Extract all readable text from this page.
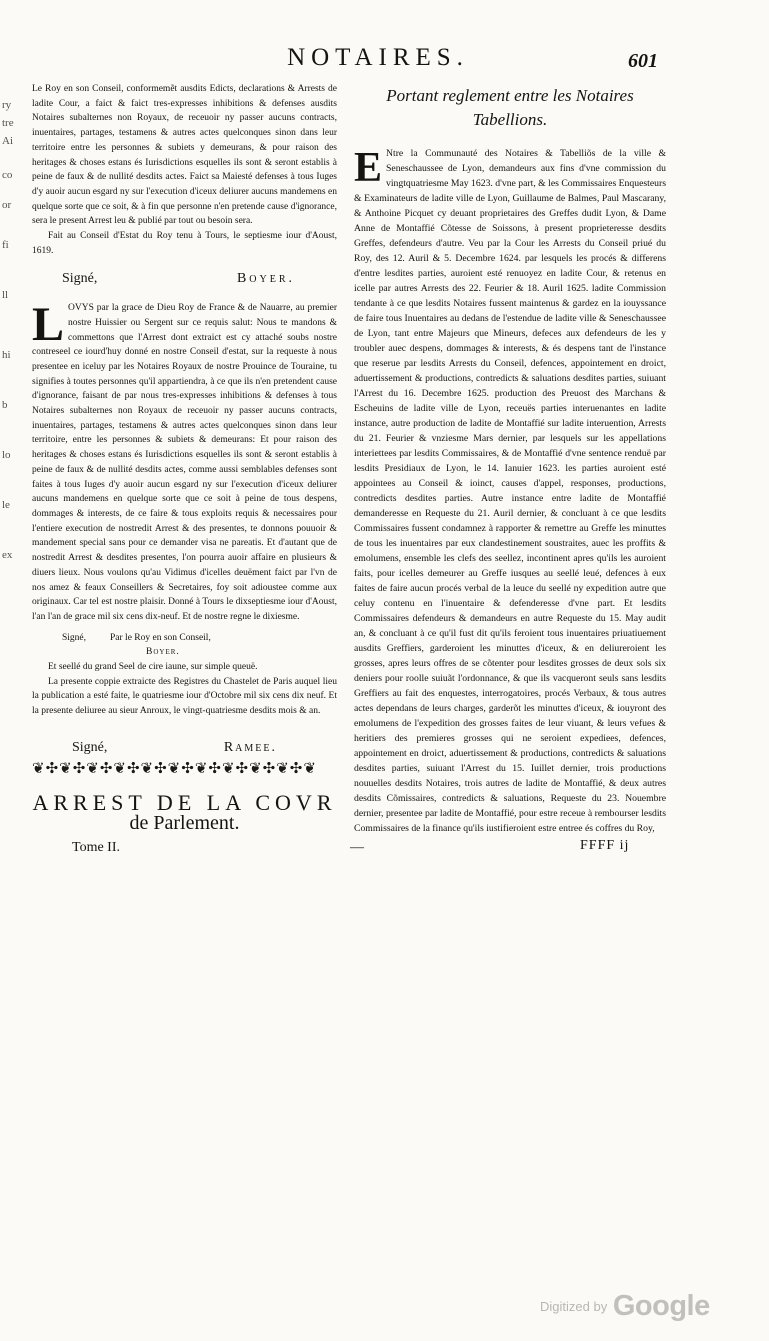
ry
tre
Ai
co
or
fi
ll
hi
b
lo
le
ex
NOTAIRES.	601

Le Roy en son Conseil, conformemẽt ausdits Edicts, declarations & Arrests de ladite Cour, a faict & faict tres-expresses inhibitions & defenses ausdits Notaires subalternes non Royaux, de receuoir ny passer aucuns contracts, inuentaires, partages, testamens & autres actes quelconques sinon dans leur territoire entre les personnes & subiets y demeurans, & pour raison des heritages & choses estans és Iurisdictions esquelles ils sont & seront establis à peine de faux & de nullité desdits actes. Faict sa Maiesté defenses à tous Iuges d'y auoir aucun esgard ny sur l'execution d'iceux deliurer aucuns mandemens en quelque sorte que ce soit, & à fin que personne n'en pretende cause d'ignorance, sera le present Arrest leu & publié par tout ou besoin sera.

Fait au Conseil d'Estat du Roy tenu à Tours, le septiesme iour d'Aoust, 1619.

Signé,	Boyer.

LOVYS par la grace de Dieu Roy de France & de Nauarre, au premier nostre Huissier ou Sergent sur ce requis salut: Nous te mandons & commettons que l'Arrest dont extraict est cy attaché soubs nostre contreseel ce iourd'huy donné en nostre Conseil d'estat, sur la requeste à nous presentee en iceluy par les Notaires Royaux de nostre Prouince de Touraine, tu signifies à toutes personnes qu'il appartiendra, à ce que ils n'en pretendent cause d'ignorance, faisant de par nous tres-expresses inhibitions & defenses à tous Notaires subalternes non Royaux de receuoir ny passer aucuns contracts, inuentaires, partages, testamens & autres actes quelconques sinon dans leur territoire, entre les personnes & subiets & demeurans: Et pour raison des heritages & choses estans és Iurisdictions esquelles ils sont & seront establis à peine de faux & de nullité desdits actes, comme aussi semblables defenses sont faites à tous Iuges d'y auoir aucun esgard ny sur l'execution d'iceux deliurer aucuns mandemens en quelque sorte que ce soit à peine de tous despens, dommages & interests, de ce faire & tous exploits requis & necessaires pour l'entiere execution de nostredit Arrest & des presentes, te donnons pouuoir & mandement special sans pour ce demander visa ne pareatis. Et d'autant que de nostredit Arrest & desdites presentes, l'on pourra auoir affaire en plusieurs & diuers lieux. Nous voulons qu'au Vidimus d'icelles deuëment faict par l'vn de nos amez & feaux Conseillers & Secretaires, foy soit adioustee comme aux originaux. Car tel est nostre plaisir. Donné à Tours le dixseptiesme iour d'Aoust, l'an l'an de grace mil six cens dix-neuf. Et de nostre regne le dixiesme.

Signé,	Par le Roy en son Conseil,
Boyer.

Et seellé du grand Seel de cire iaune, sur simple queuë.

La presente coppie extraicte des Registres du Chastelet de Paris auquel lieu la publication a esté faite, le quatriesme iour d'Octobre mil six cens dix neuf. Et la presente deliuree au sieur Anroux, le vingt-quatriesme desdits mois & an.

Signé,	Ramee.
❦✣❦✣❦✣❦✣❦✣❦✣❦✣❦✣❦✣❦✣❦
ARREST DE LA COVR
de Parlement.
Portant reglement entre les Notaires Tabellions.

E Ntre la Communauté des Notaires & Tabelliõs de la ville & Seneschaussee de Lyon, demandeurs aux fins d'vne commission du vingtquatriesme May 1623. d'vne part, & les Commissaires Enquesteurs & Examinateurs de ladite ville de Lyon, Guillaume de Balmes, Paul Mascarany, & Anthoine Picquet cy deuant proprietaires des Greffes dudit Lyon, & Dame Anne de Montaffié Cõtesse de Soissons, à present proprieteresse desdits Greffes, defendeurs d'autre. Veu par la Cour les Arrests du Conseil priué du Roy, des 12. Auril & 5. Decembre 1624. par lesquels les procés & differens d'entre lesdites parties, auroient esté renuoyez en ladite Cour, & retenus en icelle par autres Arrests des 22. Feurier & 18. Auril 1625. ladite Commission tendante à ce que lesdits Notaires fussent maintenus & gardez en la iouyssance de faire tous Inuentaires au dedans de l'estendue de ladite ville & Seneschaussee de Lyon, tant entre Majeurs que Mineurs, defeces aux defendeurs de les y troubler auec despens, dommages & interests, & és despens tant de l'instance que reserue par lesdits Arrests du Conseil, defences, appointement en droict, aduertissement & productions, contredicts & saluations desdites parties, suiuant l'Arrest du 16. Decembre 1625. production des Preuost des Marchans & Escheuins de ladite ville de Lyon, receuës parties interuenantes en ladite instance, autre production de ladite de Montaffié sur ladite interuention, Arrests du 21. Feurier & vnziesme Mars dernier, par lesquels sur les appellations interiettees par lesdits Commissaires, & de Montaffié d'vne sentence renduë par lesdits Presidiaux de Lyon, le 14. Ianuier 1623. les parties auroient esté appointees au Conseil & ioinct, causes d'appel, responses, productions, contredicts desdites parties. Autre instance entre ladite de Montaffié demanderesse en Requeste du 21. Auril dernier, & concluant à ce que lesdits Commissaires fussent condamnez à rapporter & remettre au Greffe les minuttes de tous les inuentaires par eux clandestinement soustraites, auec les proffits & emolumens, ensemble les clefs des seellez, incontinent apres qu'ils les auroient faits, pour icelles demeurer au Greffe iusques au seellé leué, defences à eux faites de faire aucun procés verbal de la leuce du seellé ny expedition autre que celuy contenu en l'inuentaire & defenderesse d'vne part. Et lesdits Commissaires defendeurs & demandeurs en autre Requeste du 15. May audit an, & concluant à ce qu'il fust dit qu'ils feroient tous inuentaires priuatiuement ausdits Greffiers, garderoient les minuttes d'iceux, & en deliureroient les grosses, apres leurs offres de se cõtenter pour lesdites grosses de deux sols six deniers pour roolle suiuãt l'ordonnance, & que ils vacqueront seuls sans lesdits Greffiers au fait des enquestes, interrogatoires, procés Verbaux, & tous autres actes dependans de leurs charges, garderõt les minuttes d'iceux, & iouyront des emolumens de l'expedition des grosses faites de leur viuant, & leurs vefues & heritiers des premieres grosses qui ne seroient expediees, defences, appointement en droict, aduertissement & productions, contredicts & saluations desdites parties, suiuant l'Arrest du 15. Iuillet dernier, trois productions nouuelles desdits Notaires, trois autres de ladite de Montaffié, & deux autres desdits Cõmissaires, contredicts & saluations, Requeste du 23. Nouembre dernier, presentee par ladite de Montaffié, pour estre receue à rembourser lesdits Commissaires de la finance qu'ils iustifieroient estre entree és coffres du Roy,

Tome II.	—	FFFF ij
Digitized by Google
